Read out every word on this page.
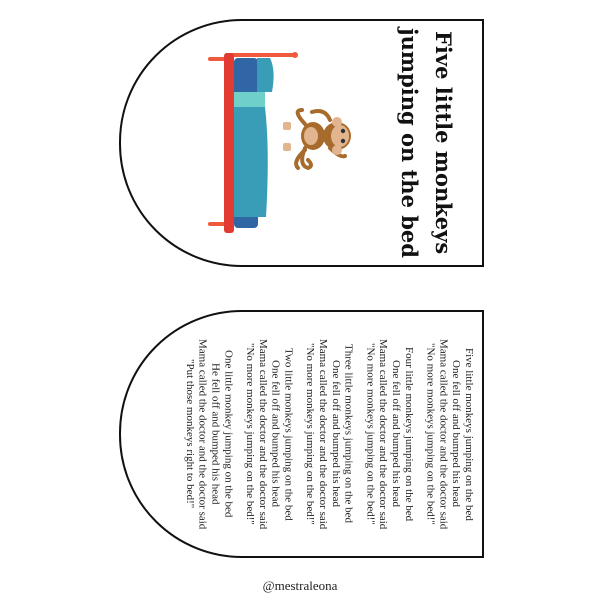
Five little monkeys
jumping on the bed
Five little monkeys jumping on the bed
One fell off and bumped his head
Mama called the doctor and the doctor said
"No more monkeys jumping on the bed!"
Four little monkeys jumping on the bed
One fell off and bumped his head
Mama called the doctor and the doctor said
"No more monkeys jumping on the bed!"
Three little monkeys jumping on the bed
One fell off and bumped his head
Mama called the doctor and the doctor said
"No more monkeys jumping on the bed!"
Two little monkeys jumping on the bed
One fell off and bumped his head
Mama called the doctor and the doctor said
"No more monkeys jumping on the bed!"
One little monkey jumping on the bed
He fell off and bumped his head
Mama called the doctor and the doctor said
"Put those monkeys right to bed!"
@mestraleona
